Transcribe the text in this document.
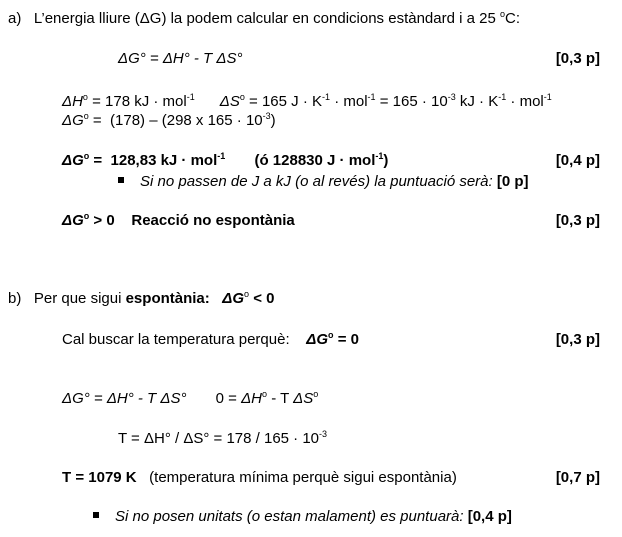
a) L’energia lliure (ΔG) la podem calcular en condicions estàndard i a 25 $^o$C:
ΔG° = ΔH° - T ΔS°	[0,3 p]
$\Delta H^o = 178$ kJ · mol$^{-1}$ $\Delta S^o = 165$ $J \cdot K^{-1} \cdot mol^{-1} = 165 \cdot 10^{-3}$ kJ · $K^{-1} \cdot mol^{-1}$
$\Delta G^o = (178) - (298$ x $165 \cdot 10^{-3}$)
$\Delta G^o = 128,83$ kJ · mol$^{-1}$ (ó 128830 J · mol$^{-1}$)	[0,4 p]
Si no passen de J a kJ (o al revés) la puntuació serà: [0 p]
$\Delta G^o > 0$ Reacció no espontània	[0,3 p]
b) Per que sigui espontània: $\Delta G^o < 0$
Cal buscar la temperatura perquè: $\Delta G^o = 0$	[0,3 p]
ΔG° = ΔH° - T ΔS° $0 = \Delta H^o - T$ $\Delta S^o$
$T = \Delta H^\circ / \Delta S^\circ = 178 / 165 \cdot 10^{-3}$
T = 1079 K (temperatura mínima perquè sigui espontània)	[0,7 p]
Si no posen unitats (o estan malament) es puntuarà: [0,4 p]
